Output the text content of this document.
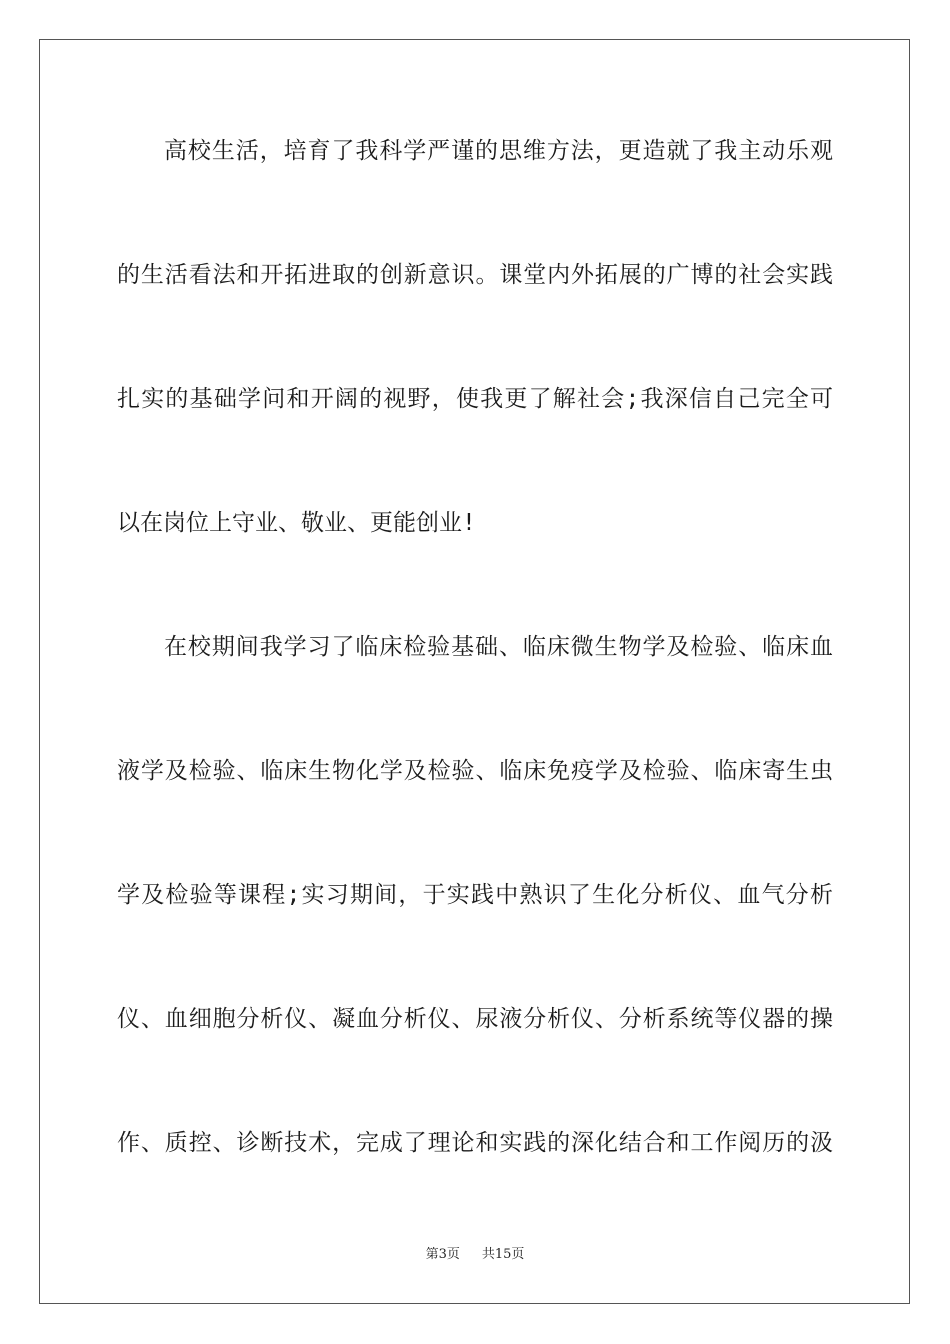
高校生活，培育了我科学严谨的思维方法，更造就了我主动乐观
的生活看法和开拓进取的创新意识。课堂内外拓展的广博的社会实践
扎实的基础学问和开阔的视野，使我更了解社会;我深信自己完全可
以在岗位上守业、敬业、更能创业!
在校期间我学习了临床检验基础、临床微生物学及检验、临床血
液学及检验、临床生物化学及检验、临床免疫学及检验、临床寄生虫
学及检验等课程;实习期间，于实践中熟识了生化分析仪、血气分析
仪、血细胞分析仪、凝血分析仪、尿液分析仪、分析系统等仪器的操
作、质控、诊断技术，完成了理论和实践的深化结合和工作阅历的汲
第3页 共15页
